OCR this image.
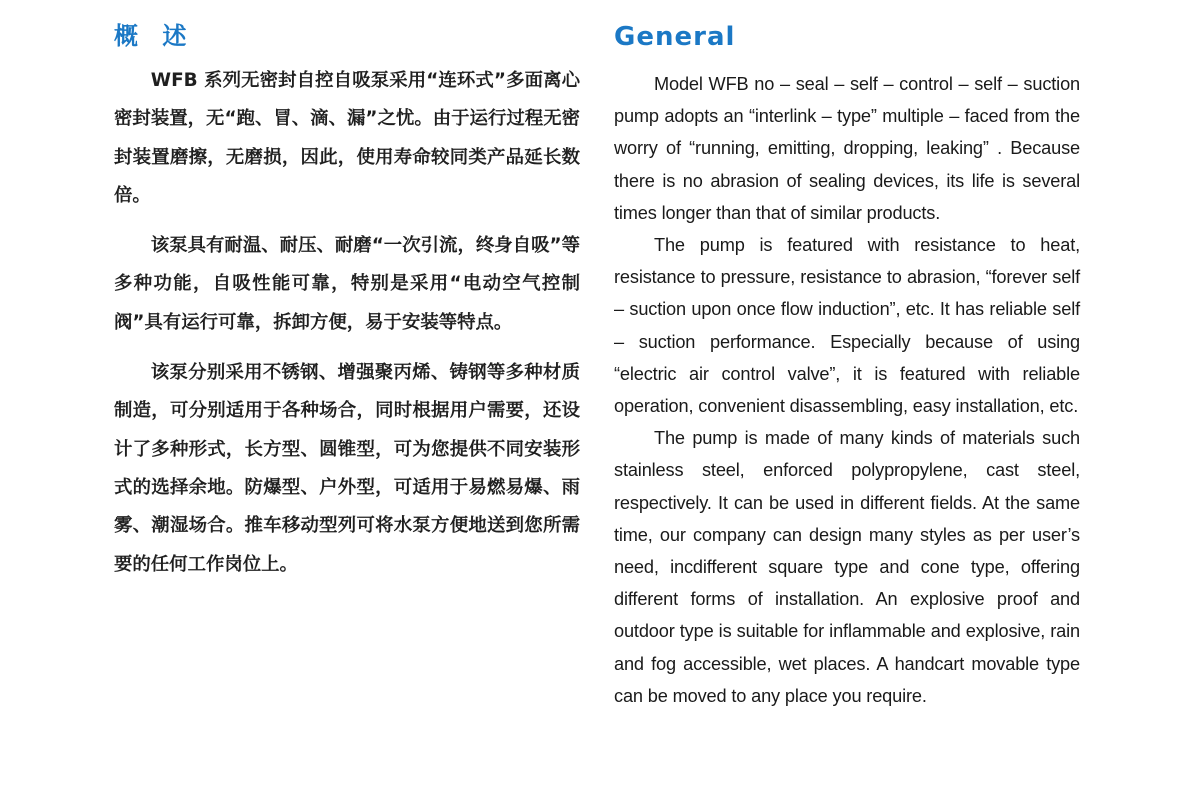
概 述

WFB 系列无密封自控自吸泵采用“连环式”多面离心密封装置，无“跑、冒、滴、漏”之忧。由于运行过程无密封装置磨擦，无磨损，因此，使用寿命较同类产品延长数倍。

该泵具有耐温、耐压、耐磨“一次引流，终身自吸”等多种功能，自吸性能可靠，特别是采用“电动空气控制阀”具有运行可靠，拆卸方便，易于安装等特点。

该泵分别采用不锈钢、增强聚丙烯、铸钢等多种材质制造，可分别适用于各种场合，同时根据用户需要，还设计了多种形式，长方型、圆锥型，可为您提供不同安装形式的选择余地。防爆型、户外型，可适用于易燃易爆、雨雾、潮湿场合。推车移动型列可将水泵方便地送到您所需要的任何工作岗位上。

General

Model WFB no – seal – self – control – self – suction pump adopts an “interlink – type” multiple – faced from the worry of “running, emitting, dropping, leaking” . Because there is no abrasion of sealing devices, its life is several times longer than that of similar products.

The pump is featured with resistance to heat, resistance to pressure, resistance to abrasion, “forever self – suction upon once flow induction”, etc. It has reliable self – suction performance. Especially because of using “electric air control valve”, it is featured with reliable operation, convenient disassembling, easy installation, etc.

The pump is made of many kinds of materials such stainless steel, enforced polypropylene, cast steel, respectively. It can be used in different fields. At the same time, our company can design many styles as per user’s need, incdifferent square type and cone type, offering different forms of installation. An explosive proof and outdoor type is suitable for inflammable and explosive, rain and fog accessible, wet places. A handcart movable type can be moved to any place you require.
